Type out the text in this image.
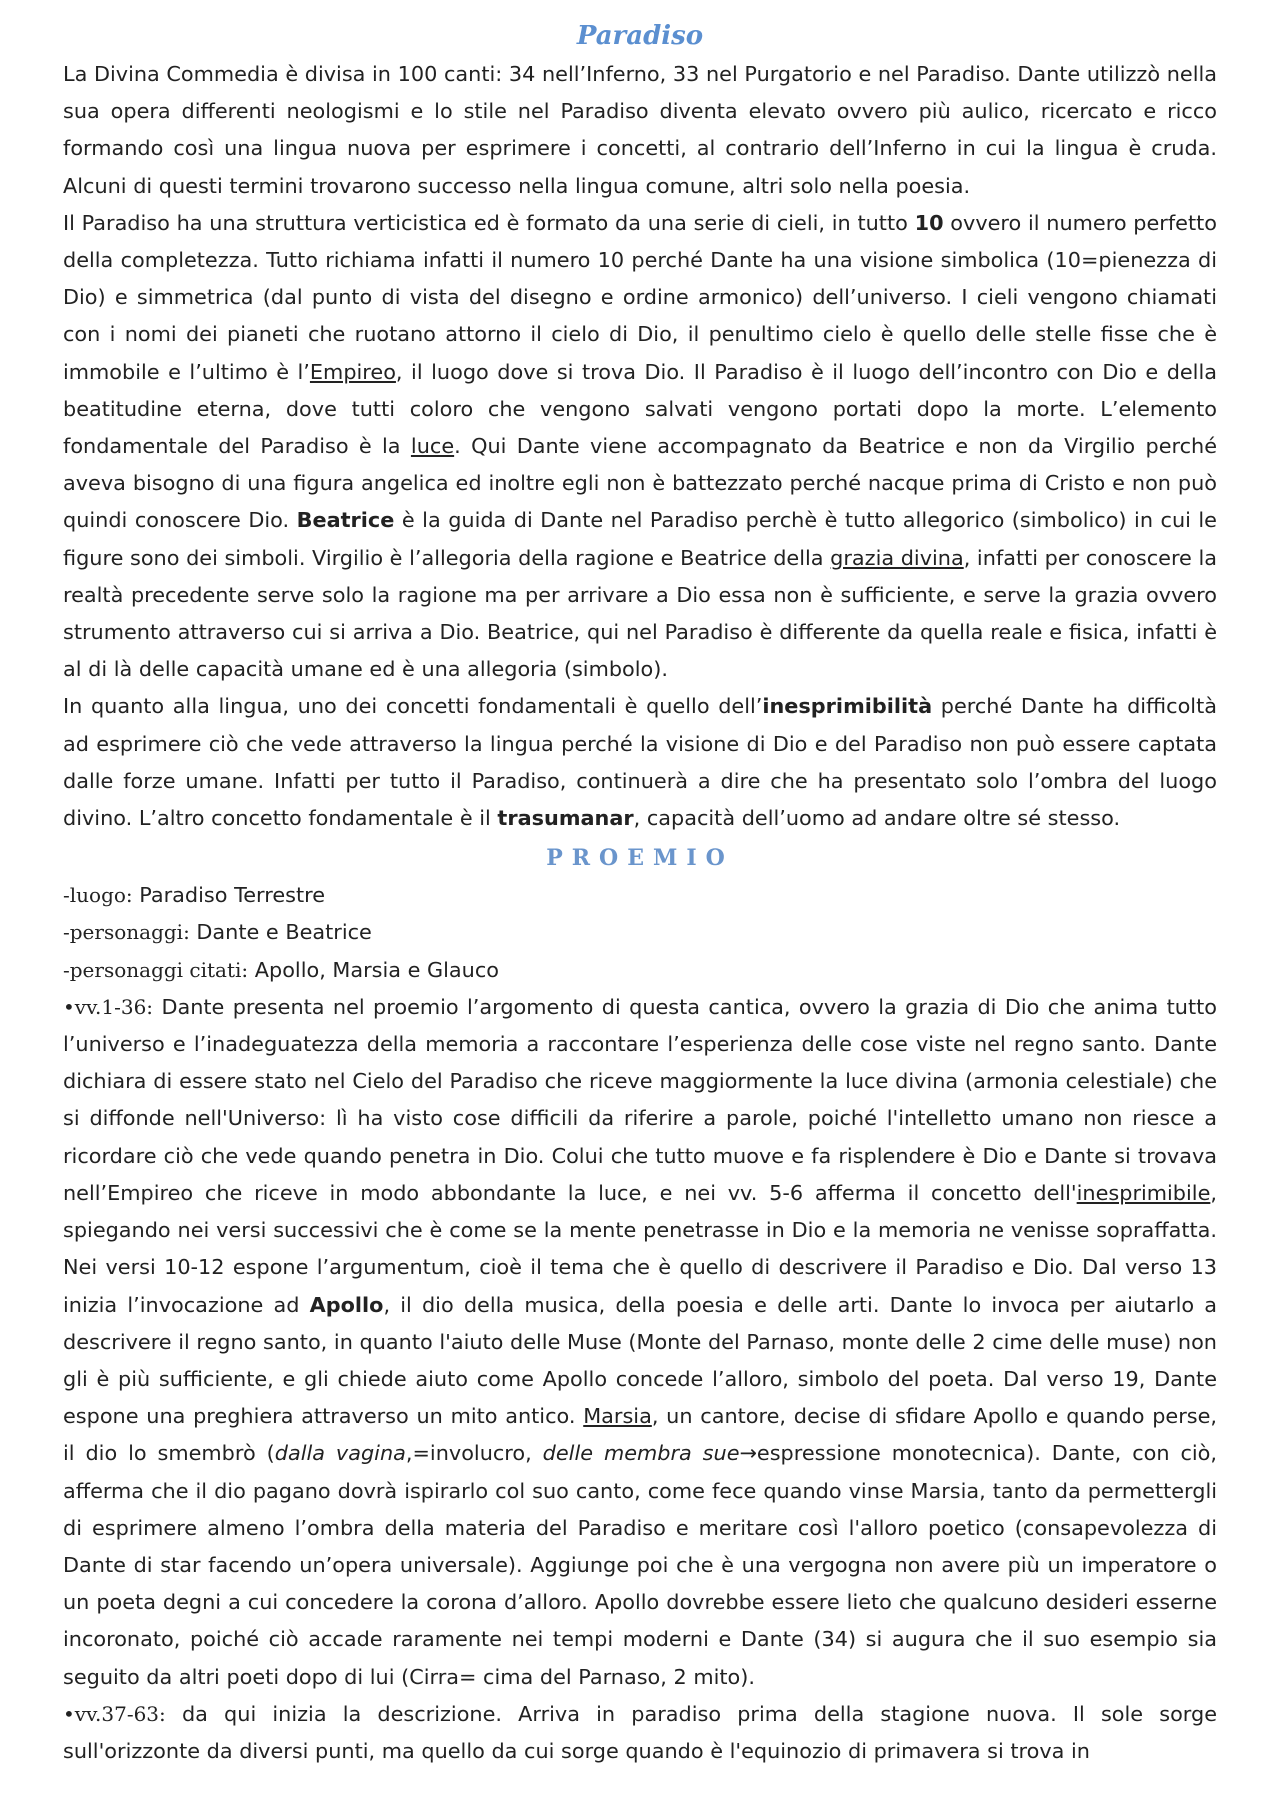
Paradiso

La Divina Commedia è divisa in 100 canti: 34 nell’Inferno, 33 nel Purgatorio e nel Paradiso. Dante utilizzò nella sua opera differenti neologismi e lo stile nel Paradiso diventa elevato ovvero più aulico, ricercato e ricco formando così una lingua nuova per esprimere i concetti, al contrario dell’Inferno in cui la lingua è cruda. Alcuni di questi termini trovarono successo nella lingua comune, altri solo nella poesia.

Il Paradiso ha una struttura verticistica ed è formato da una serie di cieli, in tutto 10 ovvero il numero perfetto della completezza. Tutto richiama infatti il numero 10 perché Dante ha una visione simbolica (10=pienezza di Dio) e simmetrica (dal punto di vista del disegno e ordine armonico) dell’universo. I cieli vengono chiamati con i nomi dei pianeti che ruotano attorno il cielo di Dio, il penultimo cielo è quello delle stelle fisse che è immobile e l’ultimo è l’Empireo, il luogo dove si trova Dio. Il Paradiso è il luogo dell’incontro con Dio e della beatitudine eterna, dove tutti coloro che vengono salvati vengono portati dopo la morte. L’elemento fondamentale del Paradiso è la luce. Qui Dante viene accompagnato da Beatrice e non da Virgilio perché aveva bisogno di una figura angelica ed inoltre egli non è battezzato perché nacque prima di Cristo e non può quindi conoscere Dio. Beatrice è la guida di Dante nel Paradiso perchè è tutto allegorico (simbolico) in cui le figure sono dei simboli. Virgilio è l’allegoria della ragione e Beatrice della grazia divina, infatti per conoscere la realtà precedente serve solo la ragione ma per arrivare a Dio essa non è sufficiente, e serve la grazia ovvero strumento attraverso cui si arriva a Dio. Beatrice, qui nel Paradiso è differente da quella reale e fisica, infatti è al di là delle capacità umane ed è una allegoria (simbolo).

In quanto alla lingua, uno dei concetti fondamentali è quello dell’inesprimibilità perché Dante ha difficoltà ad esprimere ciò che vede attraverso la lingua perché la visione di Dio e del Paradiso non può essere captata dalle forze umane. Infatti per tutto il Paradiso, continuerà a dire che ha presentato solo l’ombra del luogo divino. L’altro concetto fondamentale è il trasumanar, capacità dell’uomo ad andare oltre sé stesso.

PROEMIO
-luogo: Paradiso Terrestre
-personaggi: Dante e Beatrice
-personaggi citati: Apollo, Marsia e Glauco

•vv.1-36: Dante presenta nel proemio l’argomento di questa cantica, ovvero la grazia di Dio che anima tutto l’universo e l’inadeguatezza della memoria a raccontare l’esperienza delle cose viste nel regno santo. Dante dichiara di essere stato nel Cielo del Paradiso che riceve maggiormente la luce divina (armonia celestiale) che si diffonde nell'Universo: lì ha visto cose difficili da riferire a parole, poiché l'intelletto umano non riesce a ricordare ciò che vede quando penetra in Dio. Colui che tutto muove e fa risplendere è Dio e Dante si trovava nell’Empireo che riceve in modo abbondante la luce, e nei vv. 5-6 afferma il concetto dell'inesprimibile, spiegando nei versi successivi che è come se la mente penetrasse in Dio e la memoria ne venisse sopraffatta. Nei versi 10-12 espone l’argumentum, cioè il tema che è quello di descrivere il Paradiso e Dio. Dal verso 13 inizia l’invocazione ad Apollo, il dio della musica, della poesia e delle arti. Dante lo invoca per aiutarlo a descrivere il regno santo, in quanto l'aiuto delle Muse (Monte del Parnaso, monte delle 2 cime delle muse) non gli è più sufficiente, e gli chiede aiuto come Apollo concede l’alloro, simbolo del poeta. Dal verso 19, Dante espone una preghiera attraverso un mito antico. Marsia, un cantore, decise di sfidare Apollo e quando perse, il dio lo smembrò (dalla vagina,=involucro, delle membra sue→espressione monotecnica). Dante, con ciò, afferma che il dio pagano dovrà ispirarlo col suo canto, come fece quando vinse Marsia, tanto da permettergli di esprimere almeno l’ombra della materia del Paradiso e meritare così l'alloro poetico (consapevolezza di Dante di star facendo un’opera universale). Aggiunge poi che è una vergogna non avere più un imperatore o un poeta degni a cui concedere la corona d’alloro. Apollo dovrebbe essere lieto che qualcuno desideri esserne incoronato, poiché ciò accade raramente nei tempi moderni e Dante (34) si augura che il suo esempio sia seguito da altri poeti dopo di lui (Cirra= cima del Parnaso, 2 mito).

•vv.37-63: da qui inizia la descrizione. Arriva in paradiso prima della stagione nuova. Il sole sorge sull'orizzonte da diversi punti, ma quello da cui sorge quando è l'equinozio di primavera si trova in
